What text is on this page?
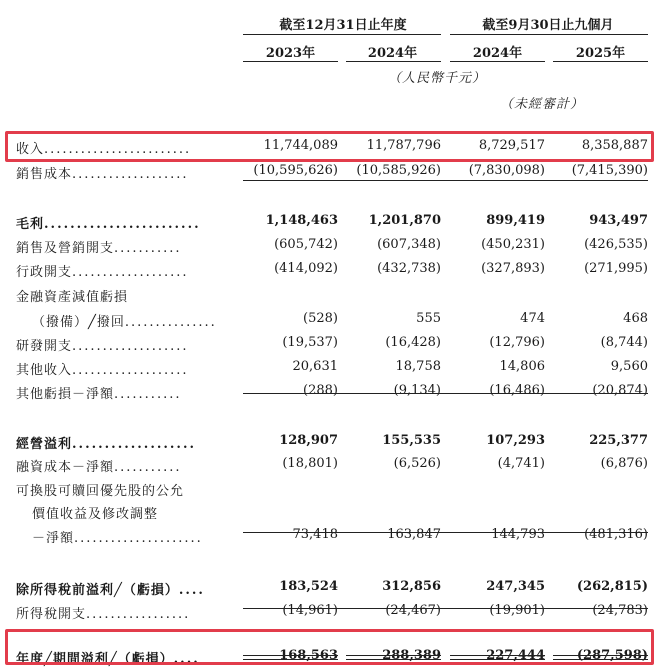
截至12月31日止年度	截至9月30日止九個月
2023年	2024年	2024年	2025年
（人民幣千元）
（未經審計）
收入........................	11,744,089	11,787,796	8,729,517	8,358,887
銷售成本...................	(10,595,626)	(10,585,926)	(7,830,098)	(7,415,390)
毛利........................	1,148,463	1,201,870	899,419	943,497
銷售及營銷開支...........	(605,742)	(607,348)	(450,231)	(426,535)
行政開支...................	(414,092)	(432,738)	(327,893)	(271,995)
金融資產減值虧損
（撥備）╱撥回...............	(528)	555	474	468
研發開支...................	(19,537)	(16,428)	(12,796)	(8,744)
其他收入...................	20,631	18,758	14,806	9,560
其他虧損－淨額...........	(288)	(9,134)	(16,486)	(20,874)
經營溢利...................	128,907	155,535	107,293	225,377
融資成本－淨額...........	(18,801)	(6,526)	(4,741)	(6,876)
可換股可贖回優先股的公允
價值收益及修改調整
－淨額.....................	73,418	163,847	144,793	(481,316)
除所得稅前溢利╱（虧損）....	183,524	312,856	247,345	(262,815)
所得稅開支.................	(14,961)	(24,467)	(19,901)	(24,783)
年度╱期間溢利╱（虧損）....	168,563	288,389	227,444	(287,598)
